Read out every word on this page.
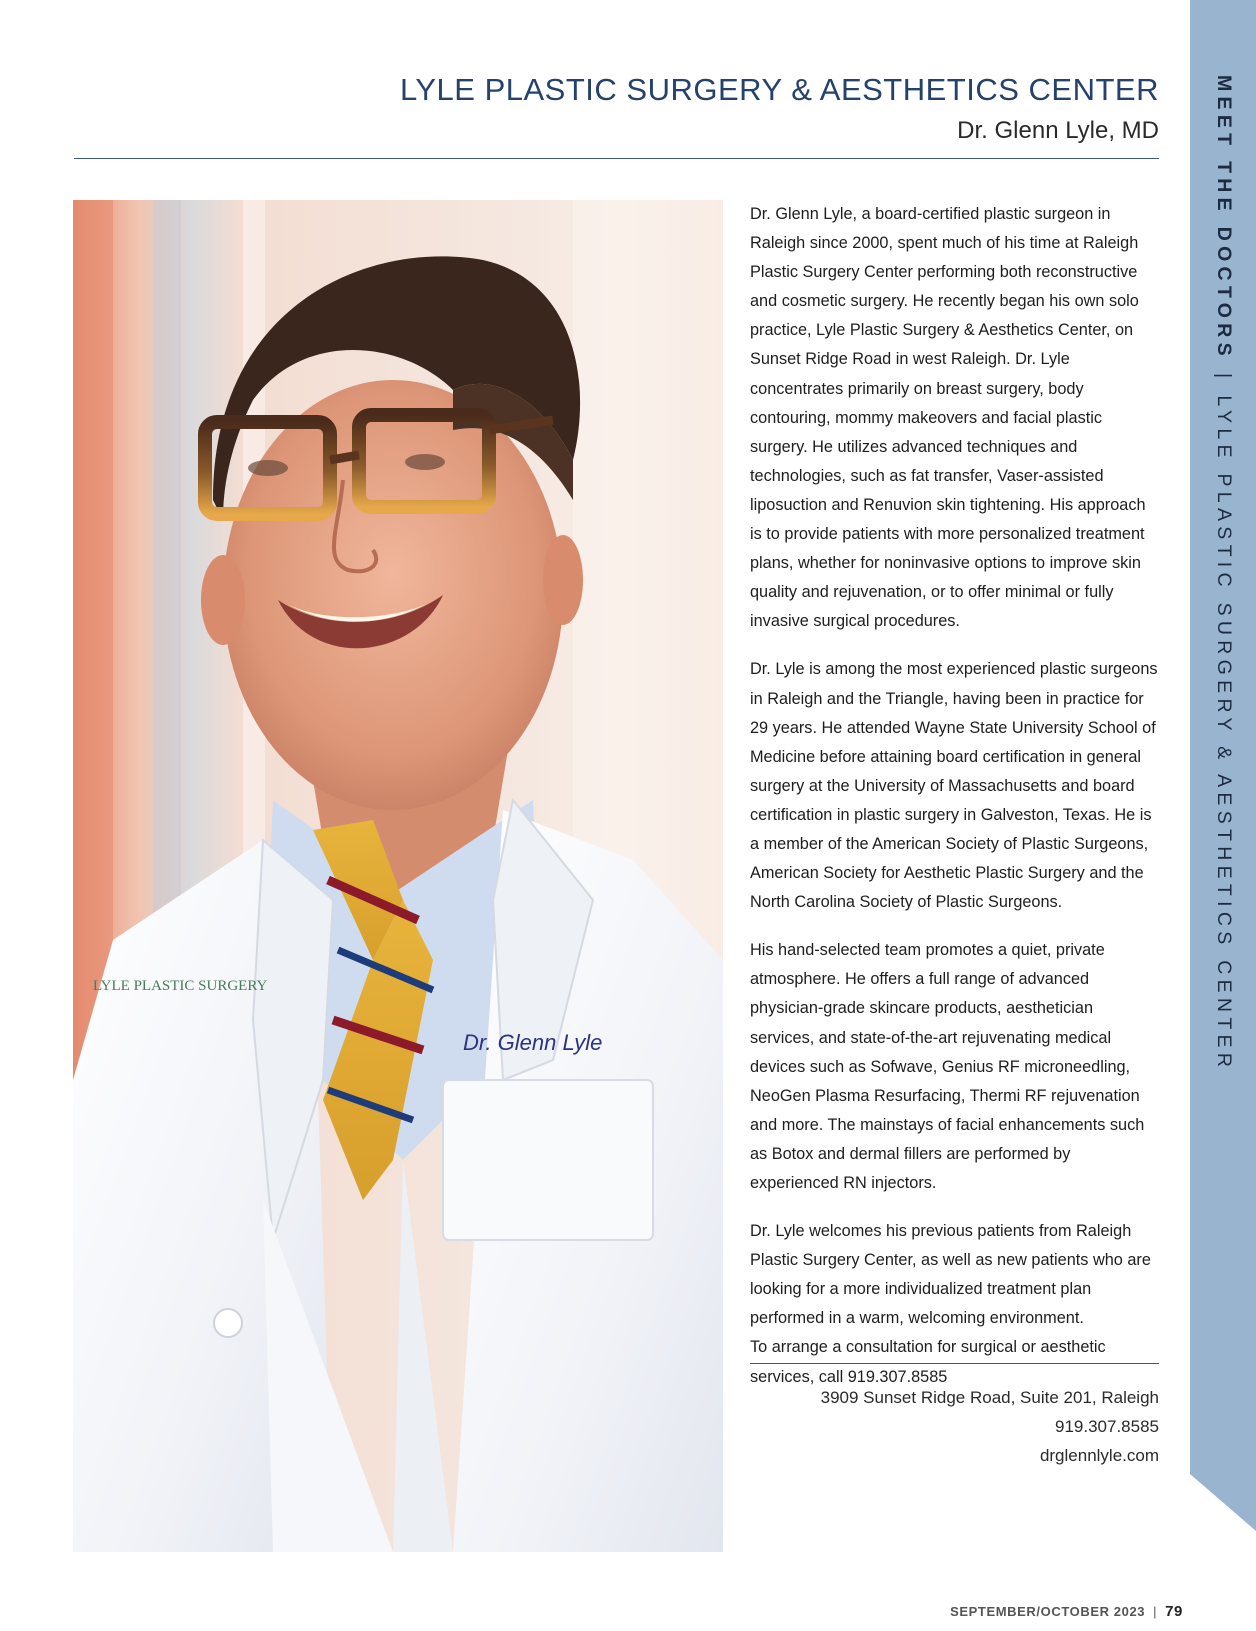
LYLE PLASTIC SURGERY & AESTHETICS CENTER
Dr. Glenn Lyle, MD
Dr. Glenn Lyle
LYLE PLASTIC SURGERY

Dr. Glenn Lyle, a board-certified plastic surgeon in Raleigh since 2000, spent much of his time at Raleigh Plastic Surgery Center performing both reconstructive and cosmetic surgery. He recently began his own solo practice, Lyle Plastic Surgery & Aesthetics Center, on Sunset Ridge Road in west Raleigh. Dr. Lyle concentrates primarily on breast surgery, body contouring, mommy makeovers and facial plastic surgery. He utilizes advanced techniques and technologies, such as fat transfer, Vaser-assisted liposuction and Renuvion skin tightening. His approach is to provide patients with more personalized treatment plans, whether for noninvasive options to improve skin quality and rejuvenation, or to offer minimal or fully invasive surgical procedures.

Dr. Lyle is among the most experienced plastic surgeons in Raleigh and the Triangle, having been in practice for 29 years. He attended Wayne State University School of Medicine before attaining board certification in general surgery at the University of Massachusetts and board certification in plastic surgery in Galveston, Texas. He is a member of the American Society of Plastic Surgeons, American Society for Aesthetic Plastic Surgery and the North Carolina Society of Plastic Surgeons.

His hand-selected team promotes a quiet, private atmosphere. He offers a full range of advanced physician-grade skincare products, aesthetician services, and state-of-the-art rejuvenating medical devices such as Sofwave, Genius RF microneedling, NeoGen Plasma Resurfacing, Thermi RF rejuvenation and more. The mainstays of facial enhancements such as Botox and dermal fillers are performed by experienced RN injectors.

Dr. Lyle welcomes his previous patients from Raleigh Plastic Surgery Center, as well as new patients who are looking for a more individualized treatment plan performed in a warm, welcoming environment.

To arrange a consultation for surgical or aesthetic services, call 919.307.8585

3909 Sunset Ridge Road, Suite 201, Raleigh
919.307.8585
drglennlyle.com
MEET THE DOCTORS|LYLE PLASTIC SURGERY & AESTHETICS CENTER
SEPTEMBER/OCTOBER 2023 | 79
